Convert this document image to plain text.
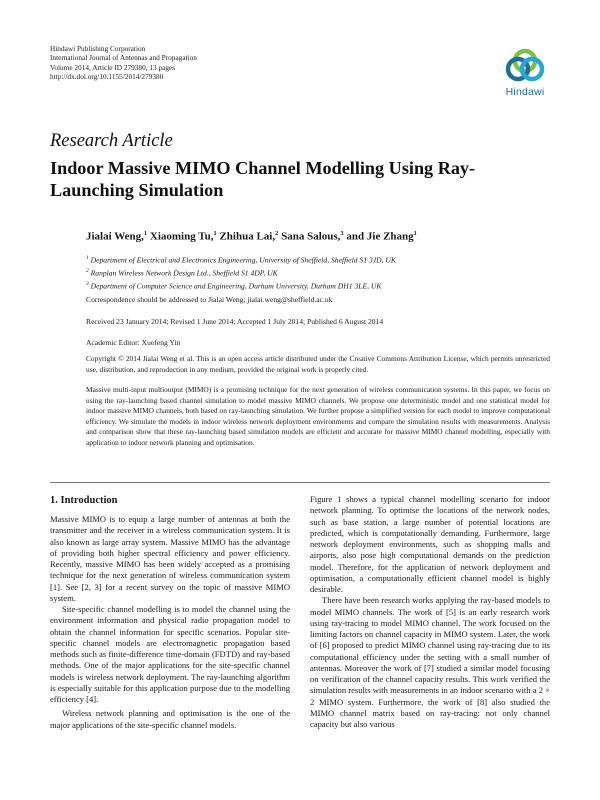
Hindawi Publishing Corporation
International Journal of Antennas and Propagation
Volume 2014, Article ID 279380, 13 pages
http://dx.doi.org/10.1155/2014/279380
Hindawi
Research Article
Indoor Massive MIMO Channel Modelling Using Ray-Launching Simulation
Jialai Weng,$^1$ Xiaoming Tu,$^1$ Zhihua Lai,$^2$ Sana Salous,$^3$ and Jie Zhang$^1$
$^1$ Department of Electrical and Electronics Engineering, University of Sheffield, Sheffield S1 3JD, UK
$^2$ Ranplan Wireless Network Design Ltd., Sheffield S1 4DP, UK
$^3$ Department of Computer Science and Engineering, Durham University, Durham DH1 3LE, UK
Correspondence should be addressed to Jialai Weng; jialai.weng@sheffield.ac.uk
Received 23 January 2014; Revised 1 June 2014; Accepted 1 July 2014; Published 6 August 2014
Academic Editor: Xuefeng Yin
Copyright © 2014 Jialai Weng et al. This is an open access article distributed under the Creative Commons Attribution License, which permits unrestricted use, distribution, and reproduction in any medium, provided the original work is properly cited.
Massive multi-input multioutput (MIMO) is a promising technique for the next generation of wireless communication systems. In this paper, we focus on using the ray-launching based channel simulation to model massive MIMO channels. We propose one deterministic model and one statistical model for indoor massive MIMO channels, both based on ray-launching simulation. We further propose a simplified version for each model to improve computational efficiency. We simulate the models in indoor wireless network deployment environments and compare the simulation results with measurements. Analysis and comparison show that these ray-launching based simulation models are efficient and accurate for massive MIMO channel modelling, especially with application to indoor network planning and optimisation.
1. Introduction

Massive MIMO is to equip a large number of antennas at both the transmitter and the receiver in a wireless communication system. It is also known as large array system. Massive MIMO has the advantage of providing both higher spectral efficiency and power efficiency. Recently, massive MIMO has been widely accepted as a promising technique for the next generation of wireless communication system [1]. See [2, 3] for a recent survey on the topic of massive MIMO system.

Site-specific channel modelling is to model the channel using the environment information and physical radio propagation model to obtain the channel information for specific scenarios. Popular site-specific channel models are electromagnetic propagation based methods such as finite-difference time-domain (FDTD) and ray-based methods. One of the major applications for the site-specific channel models is wireless network deployment. The ray-launching algorithm is especially suitable for this application purpose due to the modelling efficiency [4].

Wireless network planning and optimisation is the one of the major applications of the site-specific channel models.

Figure 1 shows a typical channel modelling scenario for indoor network planning. To optimise the locations of the network nodes, such as base station, a large number of potential locations are predicted, which is computationally demanding. Furthermore, large network deployment environments, such as shopping malls and airports, also pose high computational demands on the prediction model. Therefore, for the application of network deployment and optimisation, a computationally efficient channel model is highly desirable.

There have been research works applying the ray-based models to model MIMO channels. The work of [5] is an early research work using ray-tracing to model MIMO channel. The work focused on the limiting factors on channel capacity in MIMO system. Later, the work of [6] proposed to predict MIMO channel using ray-tracing due to its computational efficiency under the setting with a small number of antennas. Moreover the work of [7] studied a similar model focusing on verification of the channel capacity results. This work verified the simulation results with measurements in an indoor scenario with a 2 × 2 MIMO system. Furthermore, the work of [8] also studied the MIMO channel matrix based on ray-tracing: not only channel capacity but also various
